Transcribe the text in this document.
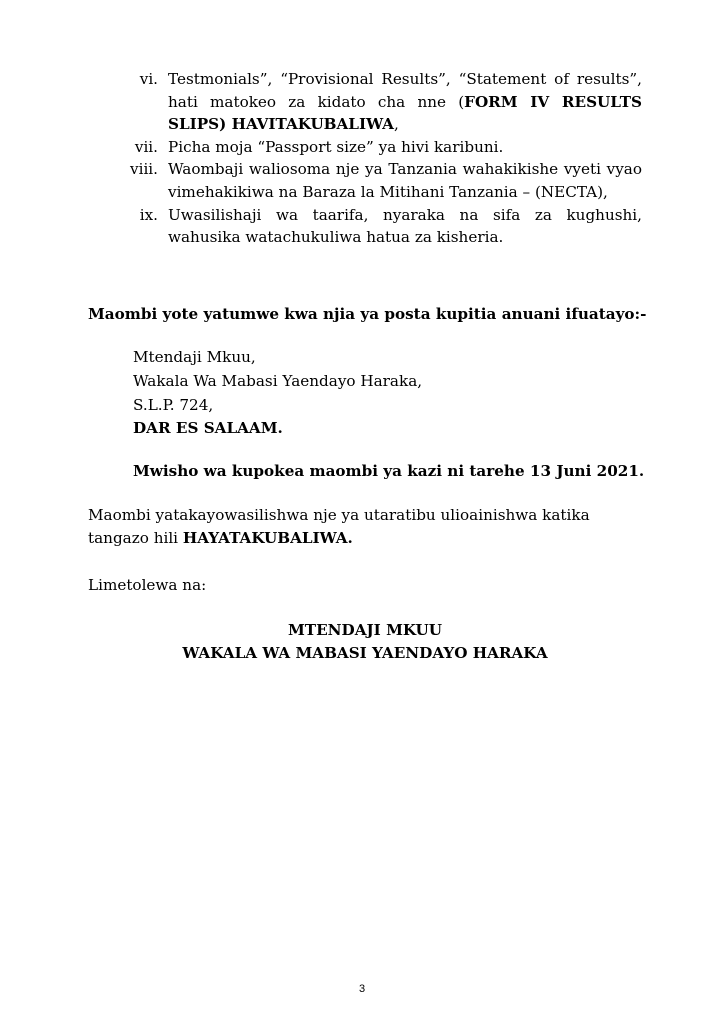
vi. Testmonials”, “Provisional Results”, “Statement of results”, hati matokeo za kidato cha nne (FORM IV RESULTS SLIPS) HAVITAKUBALIWA,
vii. Picha moja “Passport size” ya hivi karibuni.
viii. Waombaji waliosoma nje ya Tanzania wahakikishe vyeti vyao vimehakikiwa na Baraza la Mitihani Tanzania – (NECTA),
ix. Uwasilishaji wa taarifa, nyaraka na sifa za kughushi, wahusika watachukuliwa hatua za kisheria.
Maombi yote yatumwe kwa njia ya posta kupitia anuani ifuatayo:-
Mtendaji Mkuu,
Wakala Wa Mabasi Yaendayo Haraka,
S.L.P. 724,
DAR ES SALAAM.
Mwisho wa kupokea maombi ya kazi ni tarehe 13 Juni 2021.
Maombi yatakayowasilishwa nje ya utaratibu ulioainishwa katika tangazo hili HAYATAKUBALIWA.
Limetolewa na:
MTENDAJI MKUU
WAKALA WA MABASI YAENDAYO HARAKA
3
